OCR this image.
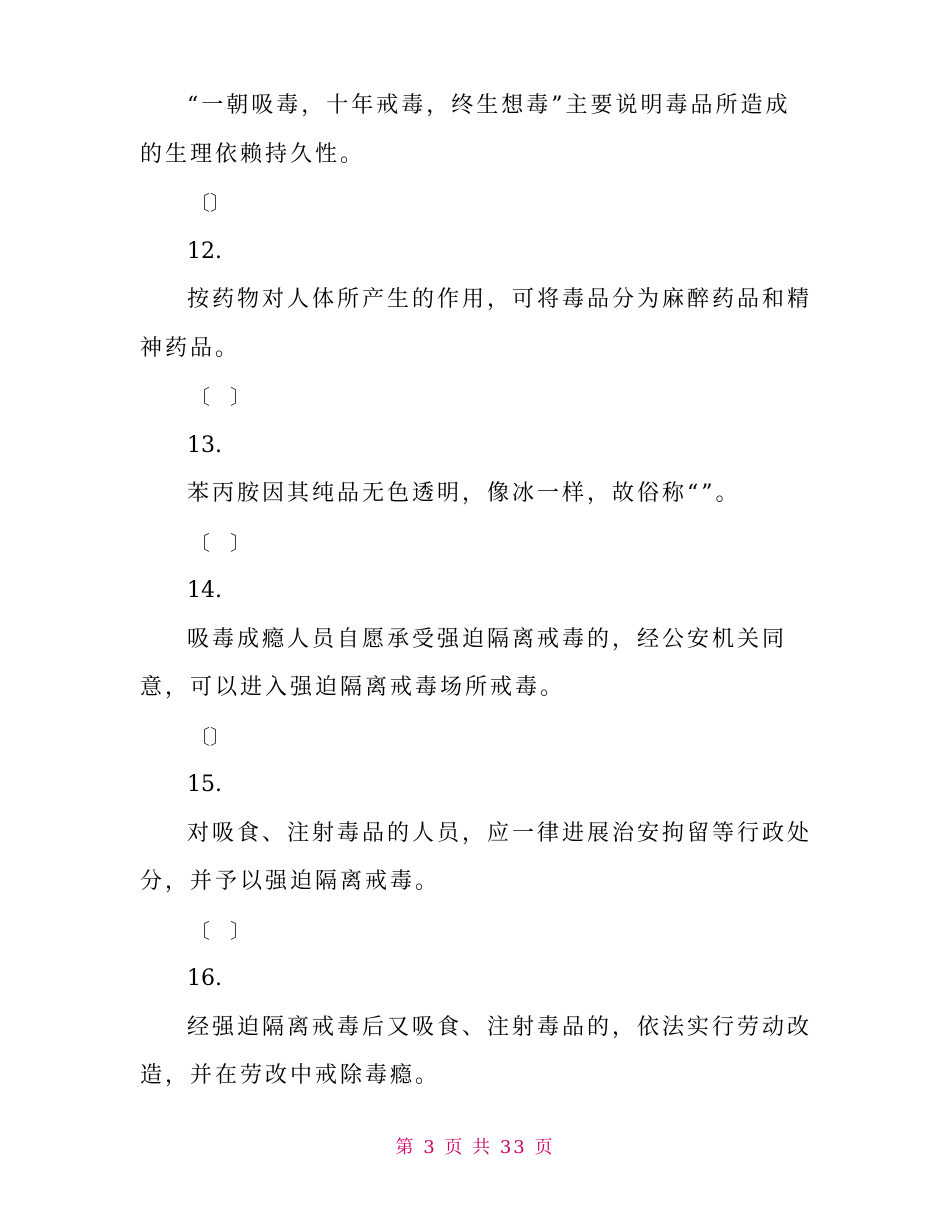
“一朝吸毒，十年戒毒，终生想毒”主要说明毒品所造成
的生理依赖持久性。
〔〕
12.
按药物对人体所产生的作用，可将毒品分为麻醉药品和精
神药品。
〔　〕
13.
苯丙胺因其纯品无色透明，像冰一样，故俗称“”。
〔　〕
14.
吸毒成瘾人员自愿承受强迫隔离戒毒的，经公安机关同
意，可以进入强迫隔离戒毒场所戒毒。
〔〕
15.
对吸食、注射毒品的人员，应一律进展治安拘留等行政处
分，并予以强迫隔离戒毒。
〔　〕
16.
经强迫隔离戒毒后又吸食、注射毒品的，依法实行劳动改
造，并在劳改中戒除毒瘾。
第 3 页 共 33 页
